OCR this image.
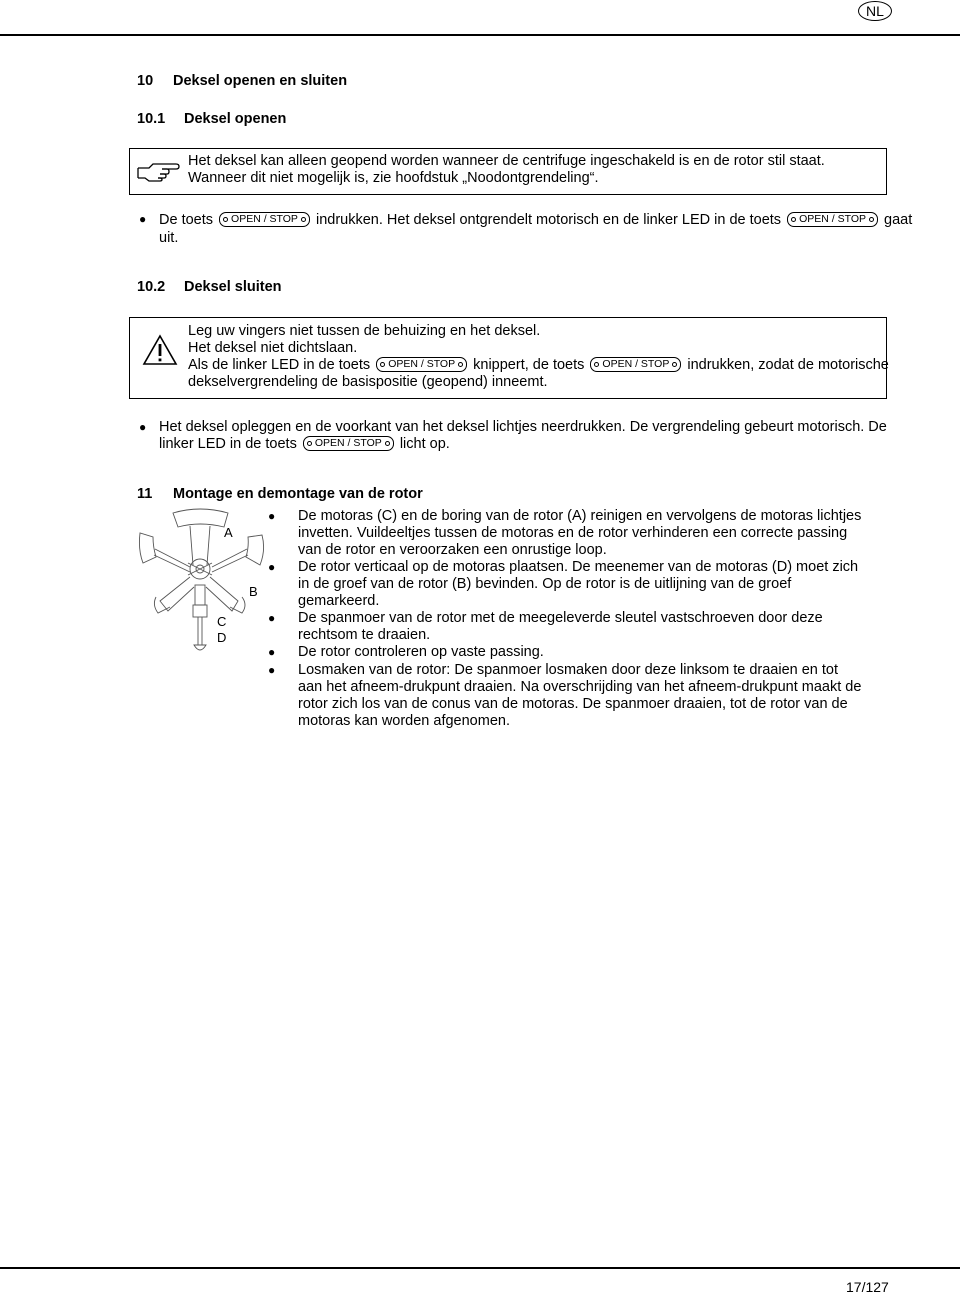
NL
10 Deksel openen en sluiten
10.1 Deksel openen
Het deksel kan alleen geopend worden wanneer de centrifuge ingeschakeld is en de rotor stil staat.
Wanneer dit niet mogelijk is, zie hoofdstuk „Noodontgrendeling“.
● De toets OPEN / STOP indrukken. Het deksel ontgrendelt motorisch en de linker LED in de toets OPEN / STOP gaat
uit.
10.2 Deksel sluiten
Leg uw vingers niet tussen de behuizing en het deksel.
Het deksel niet dichtslaan.
Als de linker LED in de toets OPEN / STOP knippert, de toets OPEN / STOP indrukken, zodat de motorische
dekselvergrendeling de basispositie (geopend) inneemt.
● Het deksel opleggen en de voorkant van het deksel lichtjes neerdrukken. De vergrendeling gebeurt motorisch. De
linker LED in de toets OPEN / STOP licht op.
11 Montage en demontage van de rotor
A
B
C
D
● De motoras (C) en de boring van de rotor (A) reinigen en vervolgens de motoras lichtjes
invetten. Vuildeeltjes tussen de motoras en de rotor verhinderen een correcte passing
van de rotor en veroorzaken een onrustige loop.
● De rotor verticaal op de motoras plaatsen. De meenemer van de motoras (D) moet zich
in de groef van de rotor (B) bevinden. Op de rotor is de uitlijning van de groef
gemarkeerd.
● De spanmoer van de rotor met de meegeleverde sleutel vastschroeven door deze
rechtsom te draaien.
● De rotor controleren op vaste passing.
● Losmaken van de rotor: De spanmoer losmaken door deze linksom te draaien en tot
aan het afneem-drukpunt draaien. Na overschrijding van het afneem-drukpunt maakt de
rotor zich los van de conus van de motoras. De spanmoer draaien, tot de rotor van de
motoras kan worden afgenomen.
17/127
